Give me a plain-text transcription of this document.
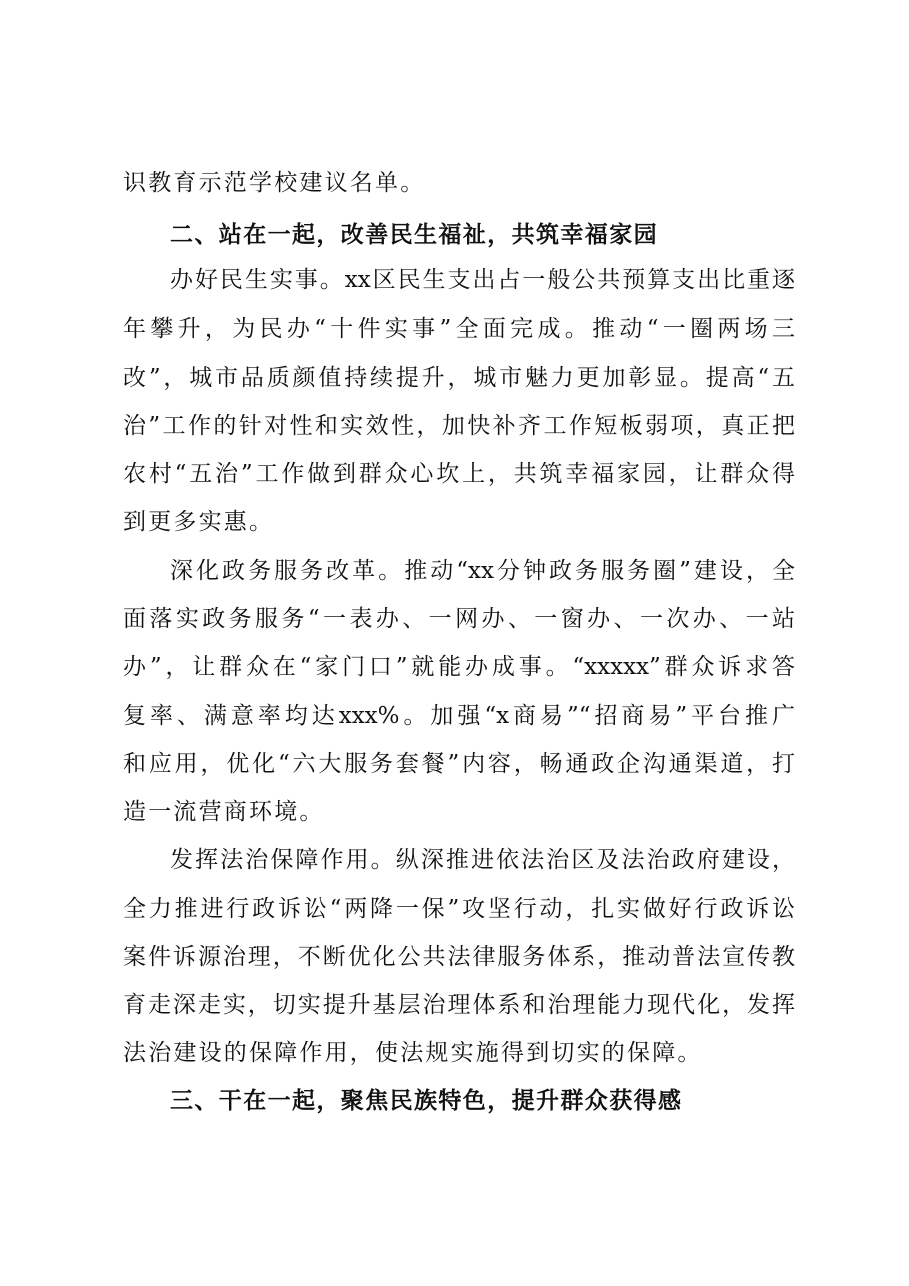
识教育示范学校建议名单。
二、站在一起，改善民生福祉，共筑幸福家园
办好民生实事。xx区民生支出占一般公共预算支出比重逐
年攀升，为民办“十件实事”全面完成。推动“一圈两场三
改”，城市品质颜值持续提升，城市魅力更加彰显。提高“五
治”工作的针对性和实效性，加快补齐工作短板弱项，真正把
农村“五治”工作做到群众心坎上，共筑幸福家园，让群众得
到更多实惠。
深化政务服务改革。推动“xx分钟政务服务圈”建设，全
面落实政务服务“一表办、一网办、一窗办、一次办、一站
办”，让群众在“家门口”就能办成事。“xxxxx”群众诉求答
复率、满意率均达xxx%。加强“x商易”“招商易”平台推广
和应用，优化“六大服务套餐”内容，畅通政企沟通渠道，打
造一流营商环境。
发挥法治保障作用。纵深推进依法治区及法治政府建设，
全力推进行政诉讼“两降一保”攻坚行动，扎实做好行政诉讼
案件诉源治理，不断优化公共法律服务体系，推动普法宣传教
育走深走实，切实提升基层治理体系和治理能力现代化，发挥
法治建设的保障作用，使法规实施得到切实的保障。
三、干在一起，聚焦民族特色，提升群众获得感
